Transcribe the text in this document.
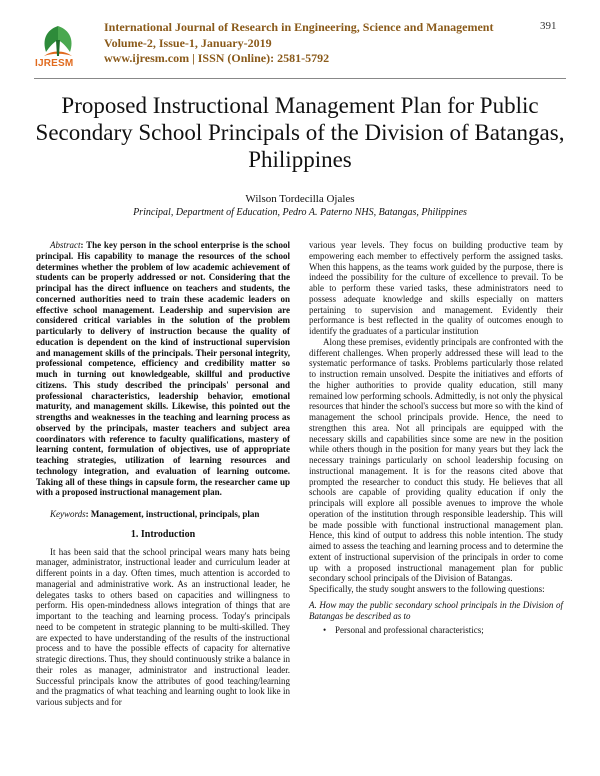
IJRESM
International Journal of Research in Engineering, Science and Management
Volume-2, Issue-1, January-2019
www.ijresm.com | ISSN (Online): 2581-5792
391
Proposed Instructional Management Plan for Public Secondary School Principals of the Division of Batangas, Philippines
Wilson Tordecilla Ojales
Principal, Department of Education, Pedro A. Paterno NHS, Batangas, Philippines

Abstract: The key person in the school enterprise is the school principal. His capability to manage the resources of the school determines whether the problem of low academic achievement of students can be properly addressed or not. Considering that the principal has the direct influence on teachers and students, the concerned authorities need to train these academic leaders on effective school management. Leadership and supervision are considered critical variables in the solution of the problem particularly to delivery of instruction because the quality of education is dependent on the kind of instructional supervision and management skills of the principals. Their personal integrity, professional competence, efficiency and credibility matter so much in turning out knowledgeable, skillful and productive citizens. This study described the principals' personal and professional characteristics, leadership behavior, emotional maturity, and management skills. Likewise, this pointed out the strengths and weaknesses in the teaching and learning process as observed by the principals, master teachers and subject area coordinators with reference to faculty qualifications, mastery of learning content, formulation of objectives, use of appropriate teaching strategies, utilization of learning resources and technology integration, and evaluation of learning outcome. Taking all of these things in capsule form, the researcher came up with a proposed instructional management plan.

Keywords: Management, instructional, principals, plan

1. Introduction

It has been said that the school principal wears many hats being manager, administrator, instructional leader and curriculum leader at different points in a day. Often times, much attention is accorded to managerial and administrative work. As an instructional leader, he delegates tasks to others based on capacities and willingness to perform. His open-mindedness allows integration of things that are important to the teaching and learning process. Today's principals need to be competent in strategic planning to be multi-skilled. They are expected to have understanding of the results of the instructional process and to have the possible effects of capacity for alternative strategic directions. Thus, they should continuously strike a balance in their roles as manager, administrator and instructional leader. Successful principals know the attributes of good teaching/learning and the pragmatics of what teaching and learning ought to look like in various subjects and for

various year levels. They focus on building productive team by empowering each member to effectively perform the assigned tasks. When this happens, as the teams work guided by the purpose, there is indeed the possibility for the culture of excellence to prevail. To be able to perform these varied tasks, these administrators need to possess adequate knowledge and skills especially on matters pertaining to supervision and management. Evidently their performance is best reflected in the quality of outcomes enough to identify the graduates of a particular institution

Along these premises, evidently principals are confronted with the different challenges. When properly addressed these will lead to the systematic performance of tasks. Problems particularly those related to instruction remain unsolved. Despite the initiatives and efforts of the higher authorities to provide quality education, still many remained low performing schools. Admittedly, is not only the physical resources that hinder the school's success but more so with the kind of management the school principals provide. Hence, the need to strengthen this area. Not all principals are equipped with the necessary skills and capabilities since some are new in the position while others though in the position for many years but they lack the necessary trainings particularly on school leadership focusing on instructional management. It is for the reasons cited above that prompted the researcher to conduct this study. He believes that all schools are capable of providing quality education if only the principals will explore all possible avenues to improve the whole operation of the institution through responsible leadership. This will be made possible with functional instructional management plan. Hence, this kind of output to address this noble intention. The study aimed to assess the teaching and learning process and to determine the extent of instructional supervision of the principals in order to come up with a proposed instructional management plan for public secondary school principals of the Division of Batangas.

Specifically, the study sought answers to the following questions:

A. How may the public secondary school principals in the Division of Batangas be described as to

• Personal and professional characteristics;
